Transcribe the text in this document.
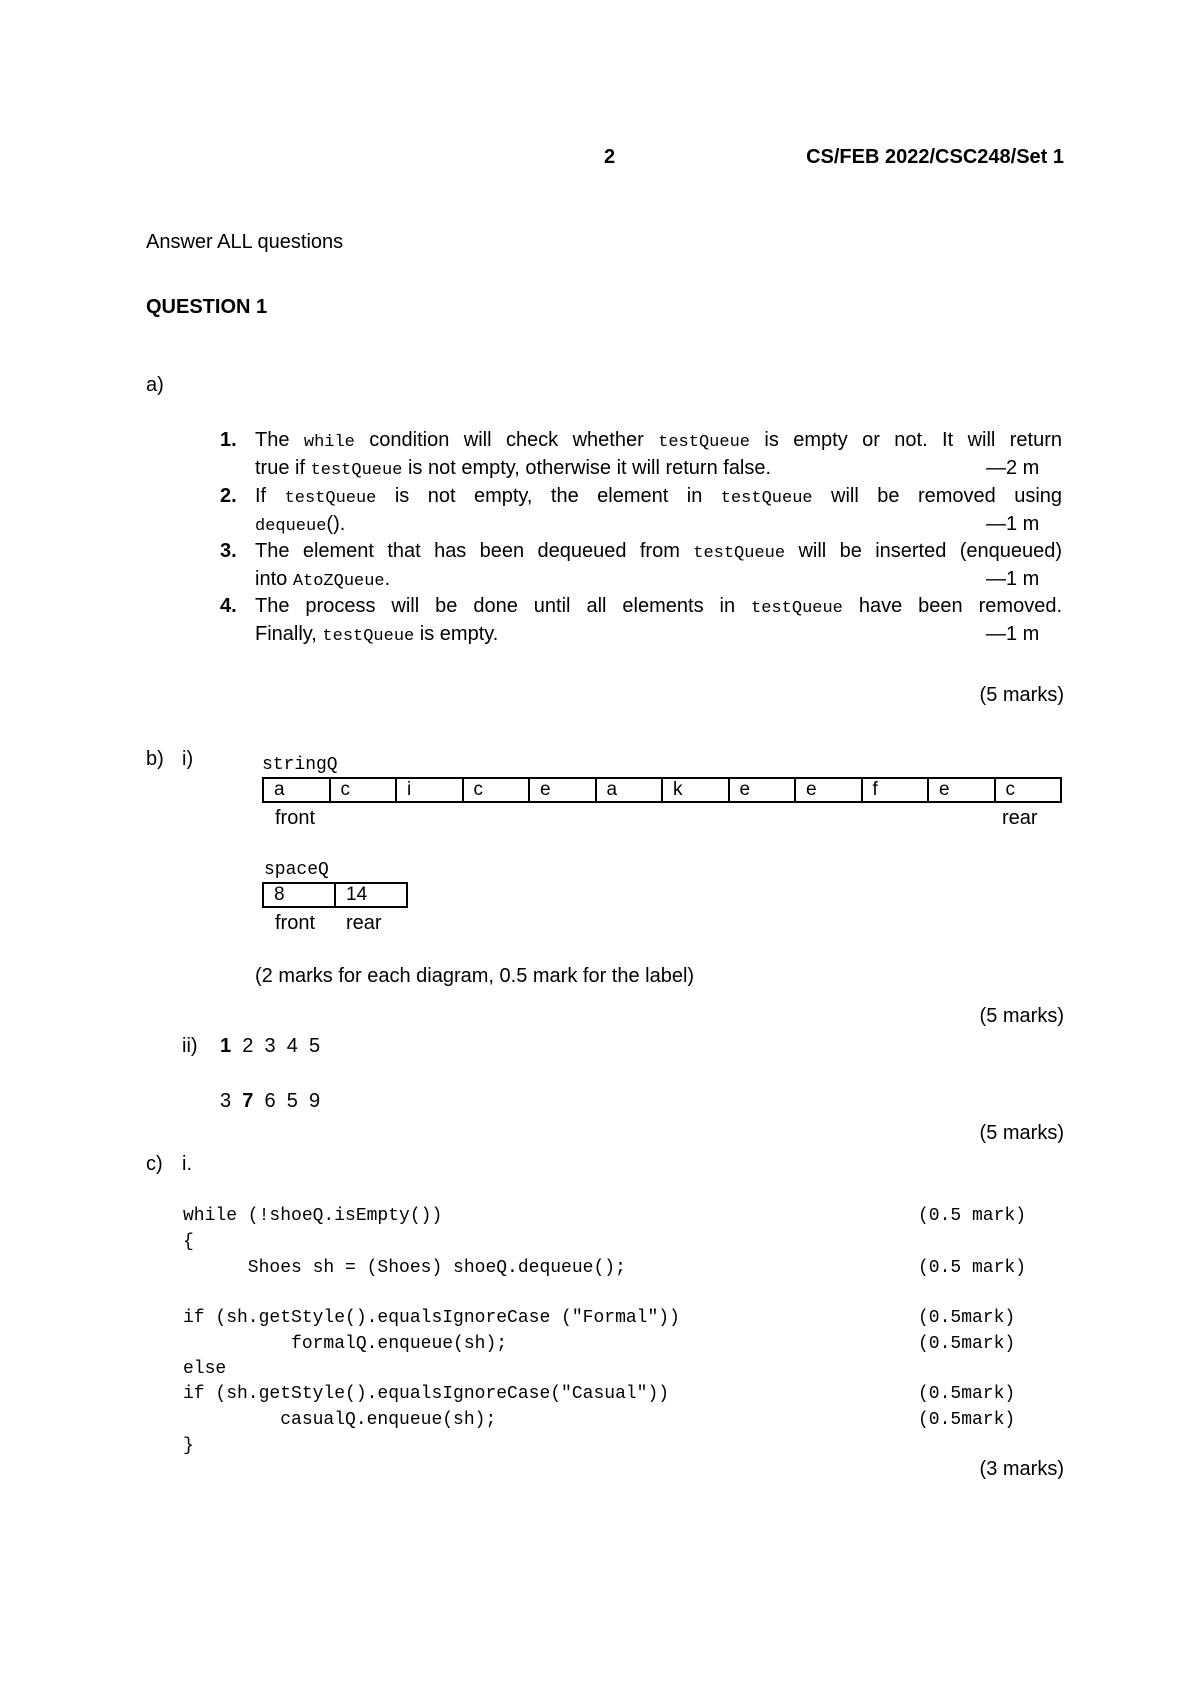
2	CS/FEB 2022/CSC248/Set 1
Answer ALL questions
QUESTION 1
a)
1. The while condition will check whether testQueue is empty or not. It will return
true if testQueue is not empty, otherwise it will return false.	—2 m
2. If testQueue is not empty, the element in testQueue will be removed using
dequeue().	—1 m
3. The element that has been dequeued from testQueue will be inserted (enqueued)
into AtoZQueue.	—1 m
4. The process will be done until all elements in testQueue have been removed.
Finally, testQueue is empty.	—1 m
(5 marks)
b) i)	stringQ
a	c	i	c	e	a	k	e	e	f	e	c
front	rear
spaceQ
8	14
front rear
(2 marks for each diagram, 0.5 mark for the label)
(5 marks)
ii) 1 2 3 4 5
3 7 6 5 9
(5 marks)
c) i.
while (!shoeQ.isEmpty())	(0.5 mark)
{
Shoes sh = (Shoes) shoeQ.dequeue();	(0.5 mark)
if (sh.getStyle().equalsIgnoreCase ("Formal"))	(0.5mark)
formalQ.enqueue(sh);	(0.5mark)
else
if (sh.getStyle().equalsIgnoreCase("Casual"))	(0.5mark)
casualQ.enqueue(sh);	(0.5mark)
}
(3 marks)
